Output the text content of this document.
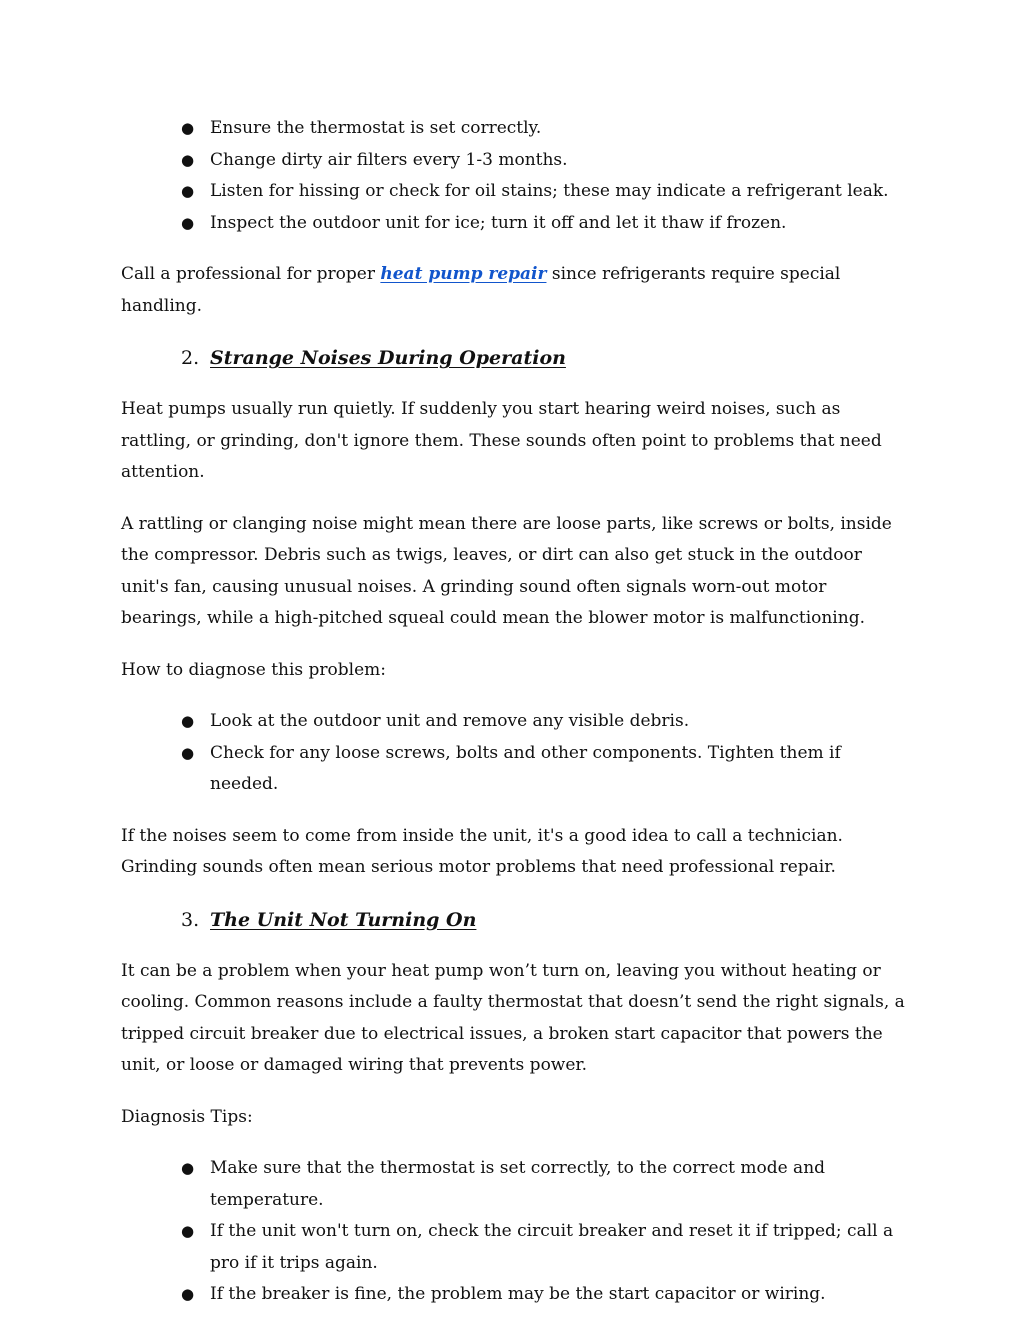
● Ensure the thermostat is set correctly.
● Change dirty air filters every 1-3 months.
● Listen for hissing or check for oil stains; these may indicate a refrigerant leak.
● Inspect the outdoor unit for ice; turn it off and let it thaw if frozen.

Call a professional for proper heat pump repair since refrigerants require special handling.

2. Strange Noises During Operation

Heat pumps usually run quietly. If suddenly you start hearing weird noises, such as rattling, or grinding, don't ignore them. These sounds often point to problems that need attention.

A rattling or clanging noise might mean there are loose parts, like screws or bolts, inside the compressor. Debris such as twigs, leaves, or dirt can also get stuck in the outdoor unit's fan, causing unusual noises. A grinding sound often signals worn-out motor bearings, while a high-pitched squeal could mean the blower motor is malfunctioning.

How to diagnose this problem:

● Look at the outdoor unit and remove any visible debris.
● Check for any loose screws, bolts and other components. Tighten them if needed.

If the noises seem to come from inside the unit, it's a good idea to call a technician. Grinding sounds often mean serious motor problems that need professional repair.

3. The Unit Not Turning On

It can be a problem when your heat pump won’t turn on, leaving you without heating or cooling. Common reasons include a faulty thermostat that doesn’t send the right signals, a tripped circuit breaker due to electrical issues, a broken start capacitor that powers the unit, or loose or damaged wiring that prevents power.

Diagnosis Tips:

● Make sure that the thermostat is set correctly, to the correct mode and temperature.
● If the unit won't turn on, check the circuit breaker and reset it if tripped; call a pro if it trips again.
● If the breaker is fine, the problem may be the start capacitor or wiring.
